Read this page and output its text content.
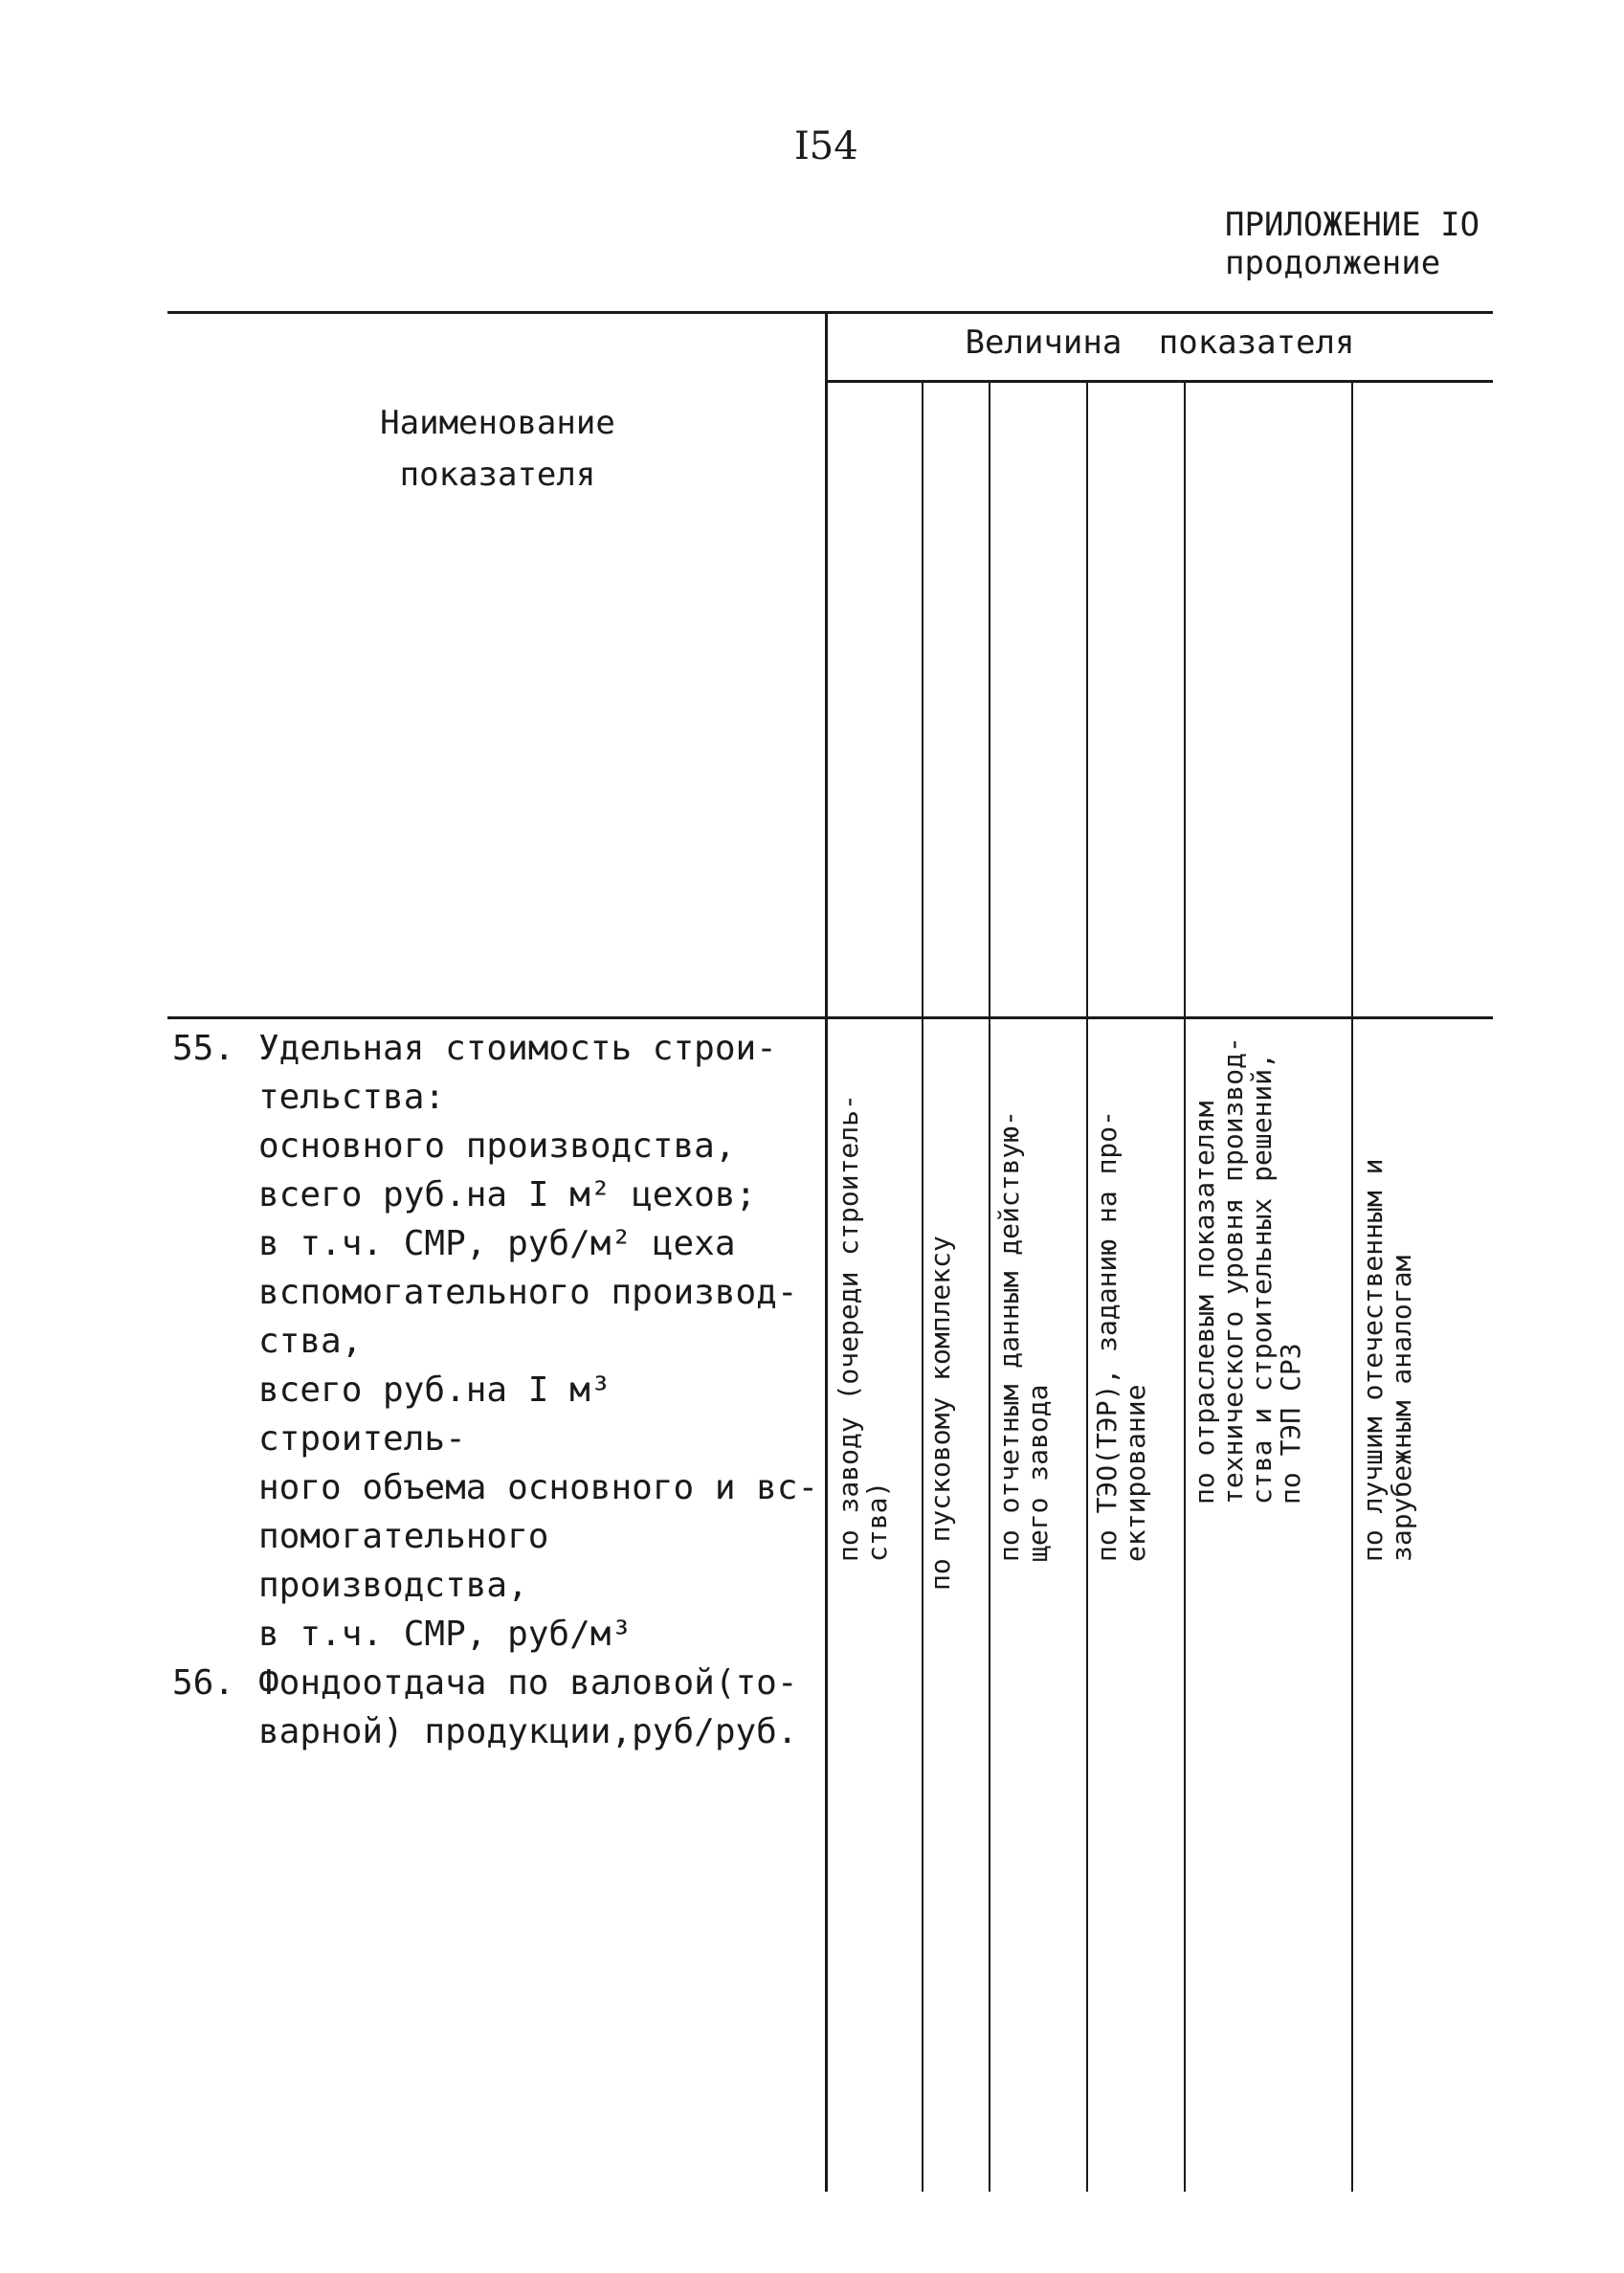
I54
ПРИЛОЖЕНИЕ IO
продолжение
Наименование
показателя
Величина показателя
по заводу (очереди строитель-
ства) по пусковому комплексу по отчетным данным действую-
щего завода
по ТЭО(ТЭР), заданию на про-
ектирование по отраслевым показателям
технического уровня производ-
ства и строительных решений,
по ТЭП СРЗ
по лучшим отечественным и
зарубежным аналогам
55. Удельная стоимость строи-
тельства:
основного производства,
всего руб.на I м² цехов;
в т.ч. СМР, руб/м² цеха
вспомогательного производ-
ства,
всего руб.на I м³ строитель-
ного объема основного и вс-
помогательного производства,
в т.ч. СМР, руб/м³
56. Фондоотдача по валовой(то-
варной) продукции,руб/руб.
